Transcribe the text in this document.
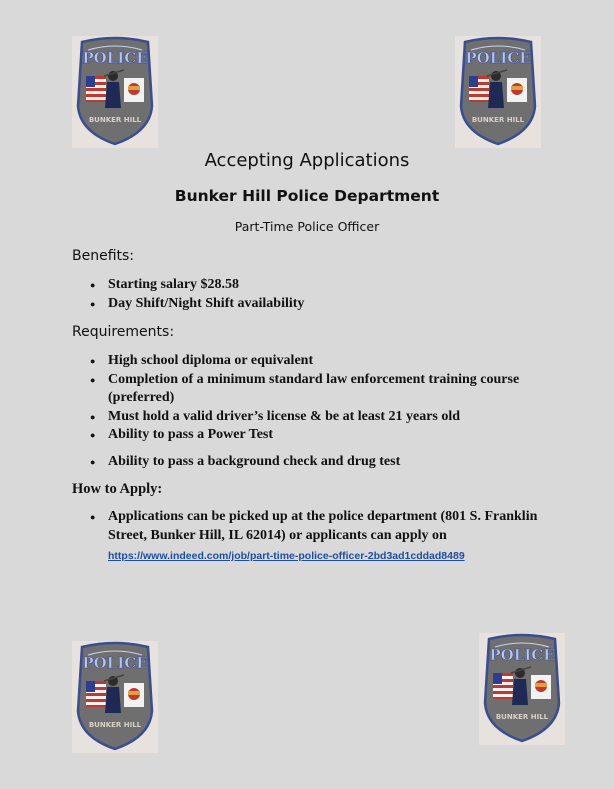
POLICE
BUNKER HILL
POLICE
BUNKER HILL
POLICE
BUNKER HILL
POLICE
BUNKER HILL
Accepting Applications
Bunker Hill Police Department
Part-Time Police Officer
Benefits:
● Starting salary $28.58
● Day Shift/Night Shift availability
Requirements:
● High school diploma or equivalent
● Completion of a minimum standard law enforcement training course (preferred)
● Must hold a valid driver’s license & be at least 21 years old
● Ability to pass a Power Test
● Ability to pass a background check and drug test
How to Apply:
● Applications can be picked up at the police department (801 S. Franklin Street, Bunker Hill, IL 62014) or applicants can apply on
https://www.indeed.com/job/part-time-police-officer-2bd3ad1cddad8489
